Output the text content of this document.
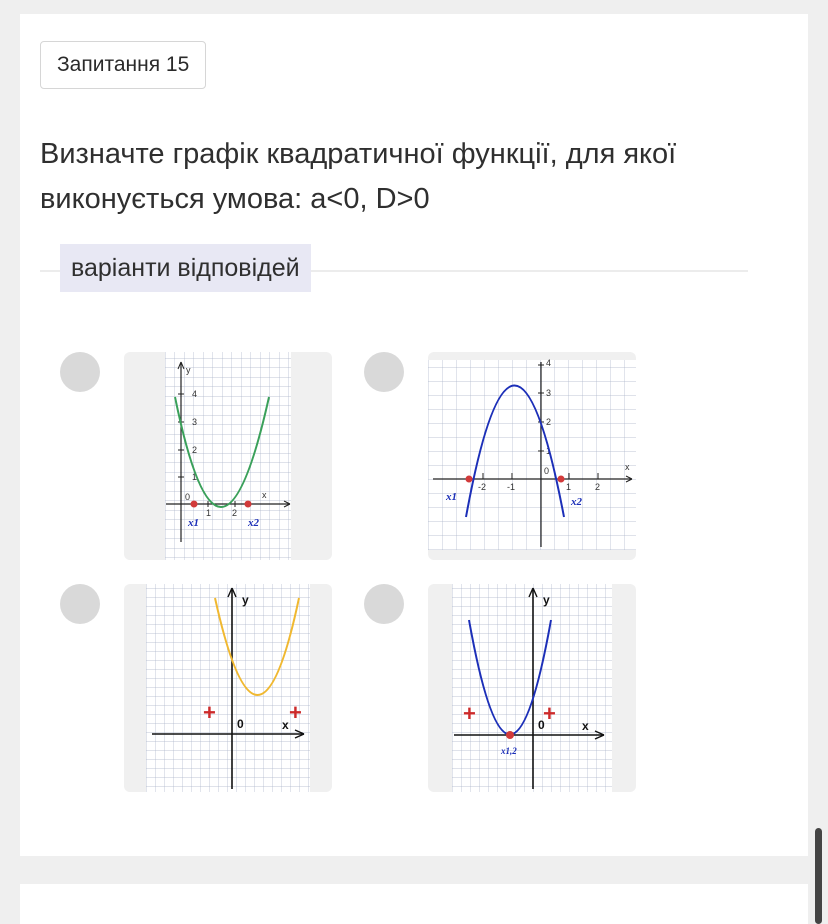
Запитання 15
Визначте графік квадратичної функції, для якої виконується умова: a<0, D>0
варіанти відповідей
y
x
0
1 2
1
2
3
4
x1	x2
x
0
-2 -1	1	2
1
2
3
4
x1	x2
y
x
0
+	+
y
x
0
+	+
x1,2
